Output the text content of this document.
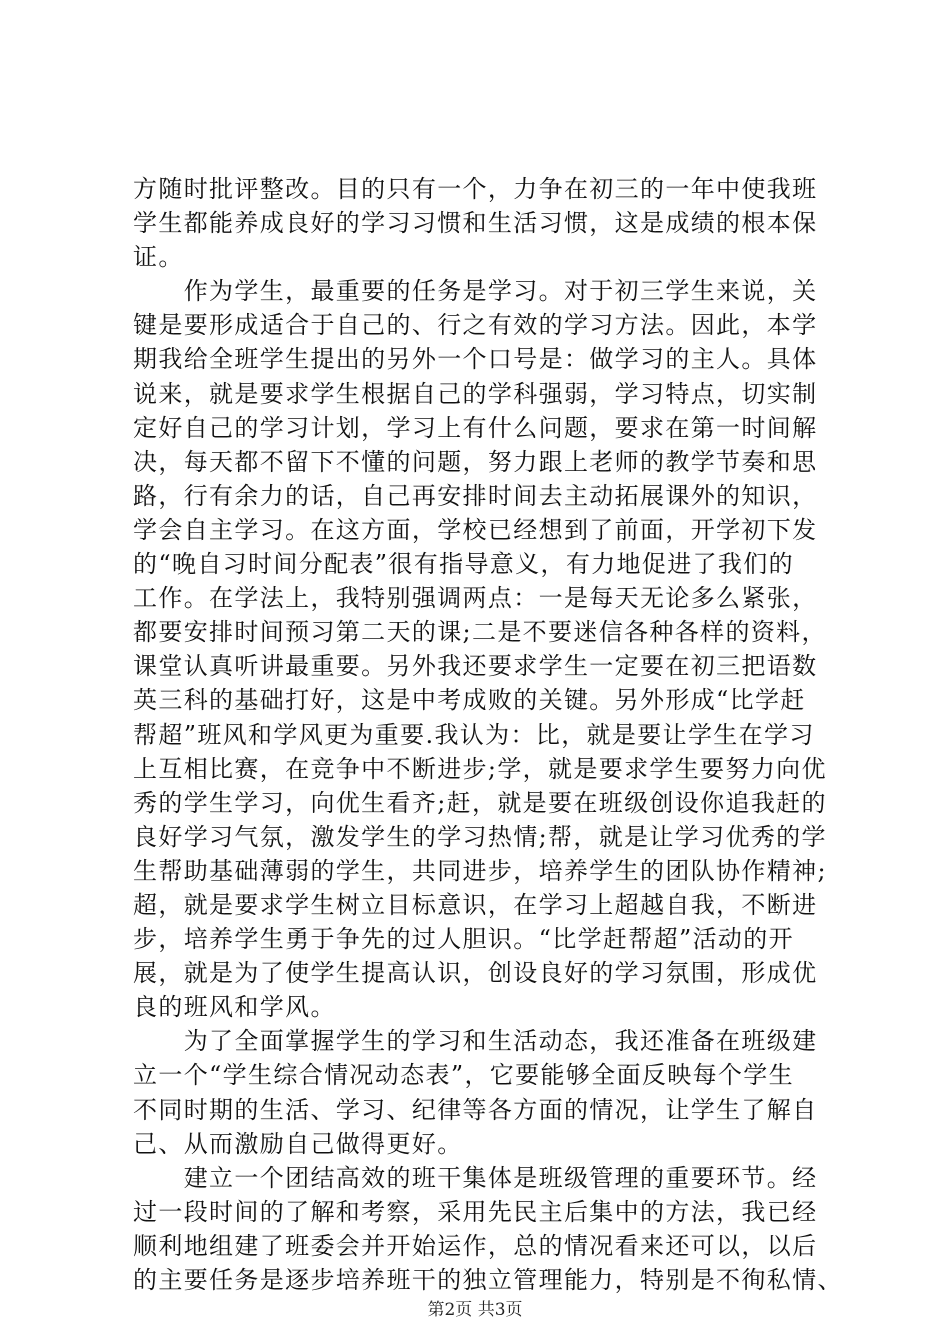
方随时批评整改。目的只有一个，力争在初三的一年中使我班
学生都能养成良好的学习习惯和生活习惯，这是成绩的根本保
证。
　　作为学生，最重要的任务是学习。对于初三学生来说，关
键是要形成适合于自己的、行之有效的学习方法。因此，本学
期我给全班学生提出的另外一个口号是：做学习的主人。具体
说来，就是要求学生根据自己的学科强弱，学习特点，切实制
定好自己的学习计划，学习上有什么问题，要求在第一时间解
决，每天都不留下不懂的问题，努力跟上老师的教学节奏和思
路，行有余力的话，自己再安排时间去主动拓展课外的知识，
学会自主学习。在这方面，学校已经想到了前面，开学初下发
的“晚自习时间分配表”很有指导意义，有力地促进了我们的
工作。在学法上，我特别强调两点：一是每天无论多么紧张，
都要安排时间预习第二天的课;二是不要迷信各种各样的资料，
课堂认真听讲最重要。另外我还要求学生一定要在初三把语数
英三科的基础打好，这是中考成败的关键。另外形成“比学赶
帮超”班风和学风更为重要.我认为：比，就是要让学生在学习
上互相比赛，在竞争中不断进步;学，就是要求学生要努力向优
秀的学生学习，向优生看齐;赶，就是要在班级创设你追我赶的
良好学习气氛，激发学生的学习热情;帮，就是让学习优秀的学
生帮助基础薄弱的学生，共同进步，培养学生的团队协作精神;
超，就是要求学生树立目标意识，在学习上超越自我，不断进
步，培养学生勇于争先的过人胆识。“比学赶帮超”活动的开
展，就是为了使学生提高认识，创设良好的学习氛围，形成优
良的班风和学风。
　　为了全面掌握学生的学习和生活动态，我还准备在班级建
立一个“学生综合情况动态表”，它要能够全面反映每个学生
不同时期的生活、学习、纪律等各方面的情况，让学生了解自
己、从而激励自己做得更好。
　　建立一个团结高效的班干集体是班级管理的重要环节。经
过一段时间的了解和考察，采用先民主后集中的方法，我已经
顺利地组建了班委会并开始运作，总的情况看来还可以，以后
的主要任务是逐步培养班干的独立管理能力，特别是不徇私情、
第2页 共3页
